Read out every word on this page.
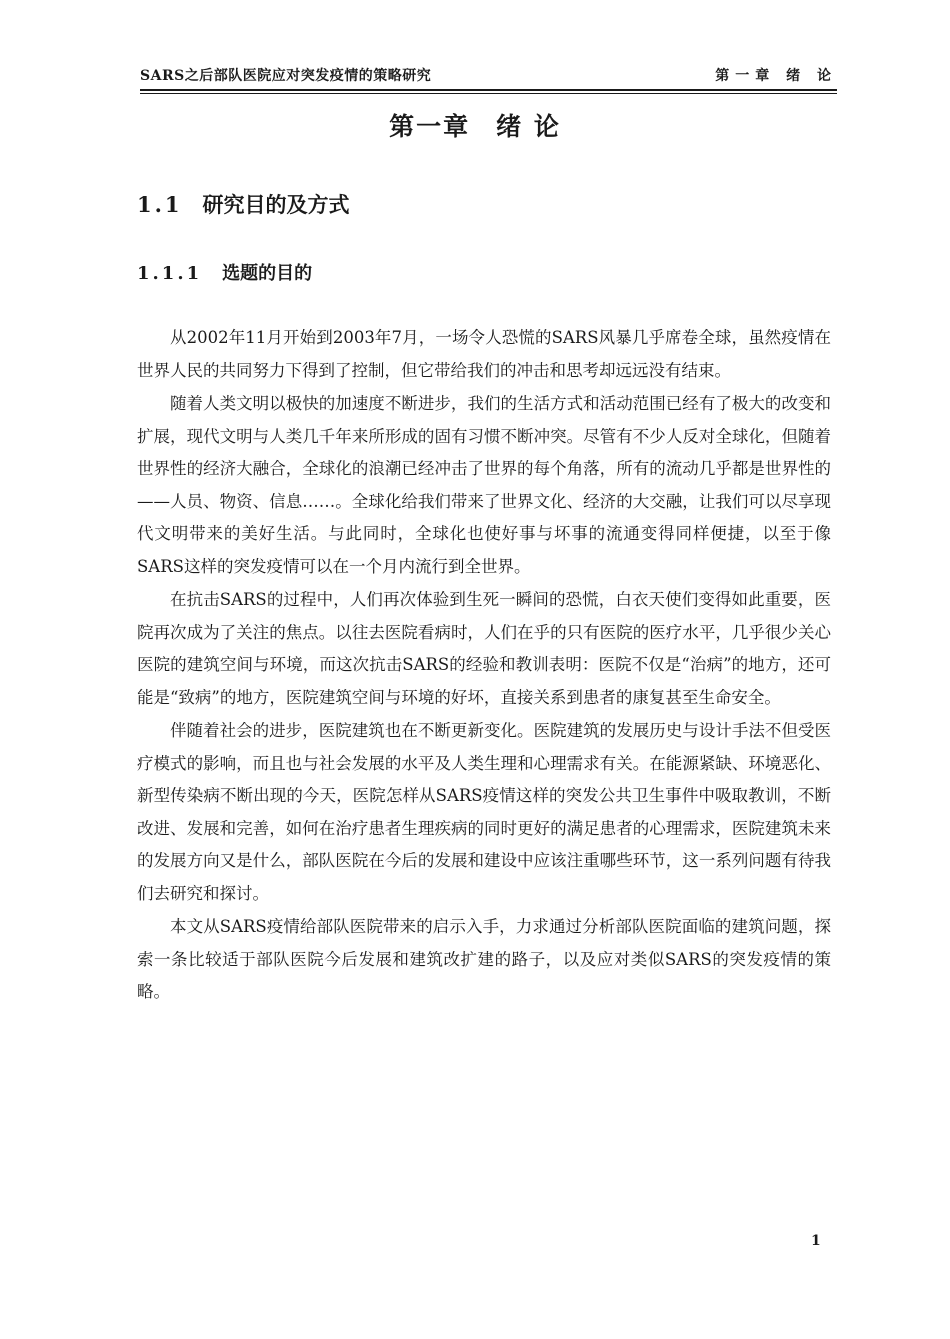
SARS之后部队医院应对突发疫情的策略研究	第一章 绪 论
第一章 绪 论
1.1 研究目的及方式
1.1.1 选题的目的

从2002年11月开始到2003年7月，一场令人恐慌的SARS风暴几乎席卷全球，虽然疫情在世界人民的共同努力下得到了控制，但它带给我们的冲击和思考却远远没有结束。

随着人类文明以极快的加速度不断进步，我们的生活方式和活动范围已经有了极大的改变和扩展，现代文明与人类几千年来所形成的固有习惯不断冲突。尽管有不少人反对全球化，但随着世界性的经济大融合，全球化的浪潮已经冲击了世界的每个角落，所有的流动几乎都是世界性的——人员、物资、信息……。全球化给我们带来了世界文化、经济的大交融，让我们可以尽享现代文明带来的美好生活。与此同时，全球化也使好事与坏事的流通变得同样便捷，以至于像SARS这样的突发疫情可以在一个月内流行到全世界。

在抗击SARS的过程中，人们再次体验到生死一瞬间的恐慌，白衣天使们变得如此重要，医院再次成为了关注的焦点。以往去医院看病时，人们在乎的只有医院的医疗水平，几乎很少关心医院的建筑空间与环境，而这次抗击SARS的经验和教训表明：医院不仅是“治病”的地方，还可能是“致病”的地方，医院建筑空间与环境的好坏，直接关系到患者的康复甚至生命安全。

伴随着社会的进步，医院建筑也在不断更新变化。医院建筑的发展历史与设计手法不但受医疗模式的影响，而且也与社会发展的水平及人类生理和心理需求有关。在能源紧缺、环境恶化、新型传染病不断出现的今天，医院怎样从SARS疫情这样的突发公共卫生事件中吸取教训，不断改进、发展和完善，如何在治疗患者生理疾病的同时更好的满足患者的心理需求，医院建筑未来的发展方向又是什么，部队医院在今后的发展和建设中应该注重哪些环节，这一系列问题有待我们去研究和探讨。

本文从SARS疫情给部队医院带来的启示入手，力求通过分析部队医院面临的建筑问题，探索一条比较适于部队医院今后发展和建筑改扩建的路子，以及应对类似SARS的突发疫情的策略。

1
